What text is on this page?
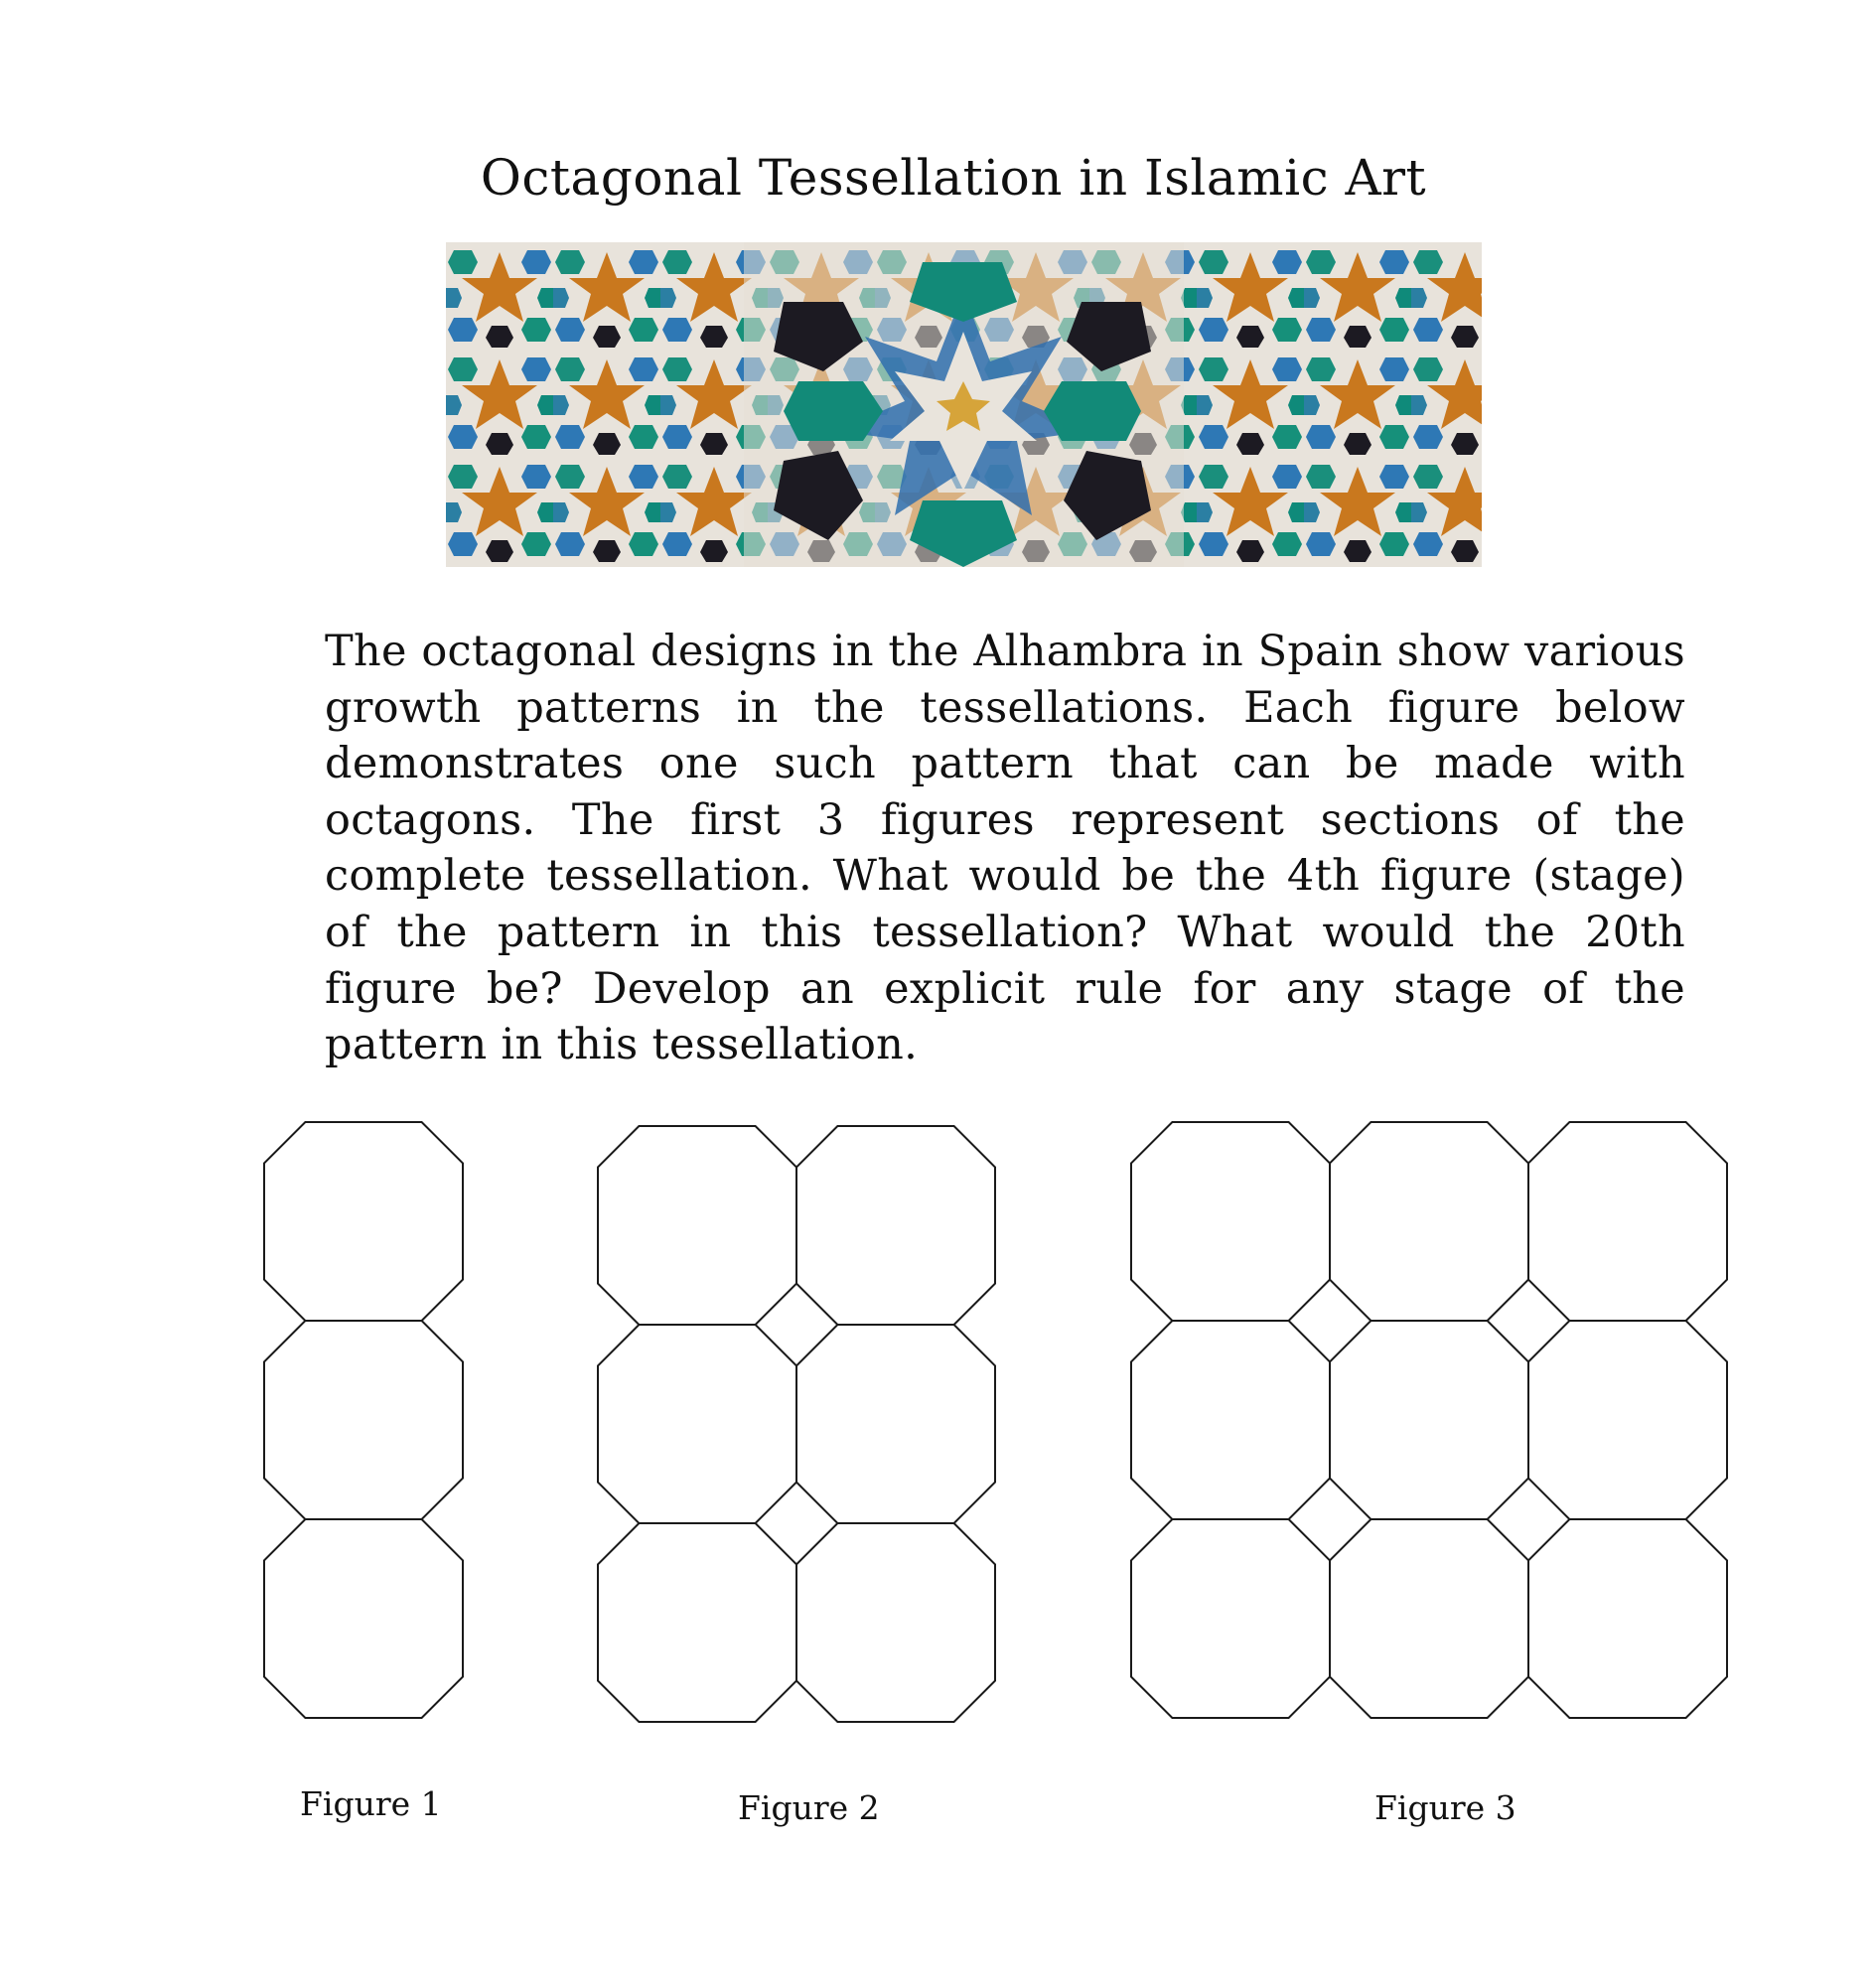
Octagonal Tessellation in Islamic Art
The octagonal designs in the Alhambra in Spain show various growth patterns in the tessellations. Each figure below demonstrates one such pattern that can be made with octagons. The first 3 figures represent sections of the complete tessellation. What would be the 4th figure (stage) of the pattern in this tessellation? What would the 20th figure be? Develop an explicit rule for any stage of the pattern in this tessellation.
Figure 1	Figure 2	Figure 3
